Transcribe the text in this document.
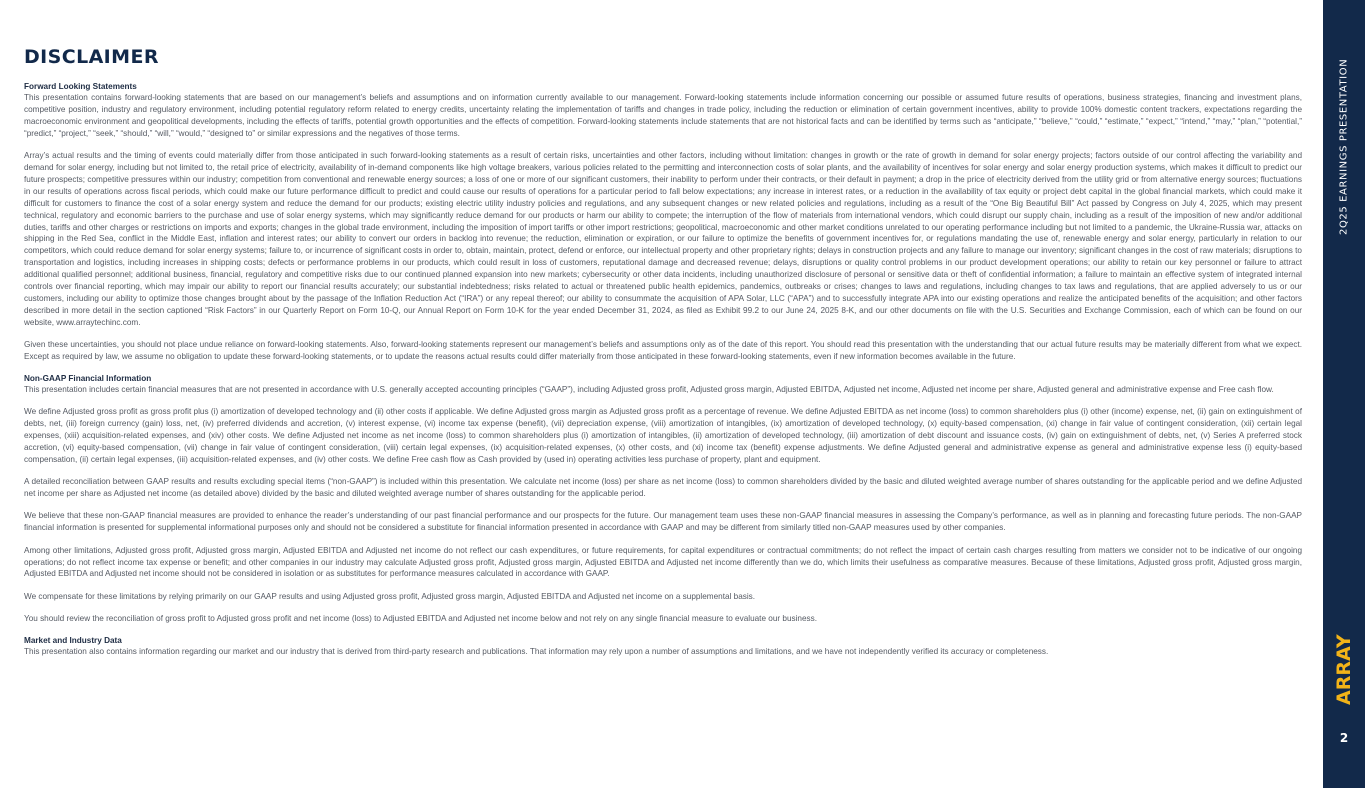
DISCLAIMER

Forward Looking Statements

This presentation contains forward-looking statements that are based on our management’s beliefs and assumptions and on information currently available to our management. Forward-looking statements include information concerning our possible or assumed future results of operations, business strategies, financing and investment plans, competitive position, industry and regulatory environment, including potential regulatory reform related to energy credits, uncertainty relating the implementation of tariffs and changes in trade policy, including the reduction or elimination of certain government incentives, ability to provide 100% domestic content trackers, expectations regarding the macroeconomic environment and geopolitical developments, including the effects of tariffs, potential growth opportunities and the effects of competition. Forward-looking statements include statements that are not historical facts and can be identified by terms such as “anticipate,” “believe,” “could,” “estimate,” “expect,” “intend,” “may,” “plan,” “potential,” “predict,” “project,” “seek,” “should,” “will,” “would,” “designed to” or similar expressions and the negatives of those terms.

Array’s actual results and the timing of events could materially differ from those anticipated in such forward-looking statements as a result of certain risks, uncertainties and other factors, including without limitation: changes in growth or the rate of growth in demand for solar energy projects; factors outside of our control affecting the variability and demand for solar energy, including but not limited to, the retail price of electricity, availability of in-demand components like high voltage breakers, various policies related to the permitting and interconnection costs of solar plants, and the availability of incentives for solar energy and solar energy production systems, which makes it difficult to predict our future prospects; competitive pressures within our industry; competition from conventional and renewable energy sources; a loss of one or more of our significant customers, their inability to perform under their contracts, or their default in payment; a drop in the price of electricity derived from the utility grid or from alternative energy sources; fluctuations in our results of operations across fiscal periods, which could make our future performance difficult to predict and could cause our results of operations for a particular period to fall below expectations; any increase in interest rates, or a reduction in the availability of tax equity or project debt capital in the global financial markets, which could make it difficult for customers to finance the cost of a solar energy system and reduce the demand for our products; existing electric utility industry policies and regulations, and any subsequent changes or new related policies and regulations, including as a result of the “One Big Beautiful Bill” Act passed by Congress on July 4, 2025, which may present technical, regulatory and economic barriers to the purchase and use of solar energy systems, which may significantly reduce demand for our products or harm our ability to compete; the interruption of the flow of materials from international vendors, which could disrupt our supply chain, including as a result of the imposition of new and/or additional duties, tariffs and other charges or restrictions on imports and exports; changes in the global trade environment, including the imposition of import tariffs or other import restrictions; geopolitical, macroeconomic and other market conditions unrelated to our operating performance including but not limited to a pandemic, the Ukraine-Russia war, attacks on shipping in the Red Sea, conflict in the Middle East, inflation and interest rates; our ability to convert our orders in backlog into revenue; the reduction, elimination or expiration, or our failure to optimize the benefits of government incentives for, or regulations mandating the use of, renewable energy and solar energy, particularly in relation to our competitors, which could reduce demand for solar energy systems; failure to, or incurrence of significant costs in order to, obtain, maintain, protect, defend or enforce, our intellectual property and other proprietary rights; delays in construction projects and any failure to manage our inventory; significant changes in the cost of raw materials; disruptions to transportation and logistics, including increases in shipping costs; defects or performance problems in our products, which could result in loss of customers, reputational damage and decreased revenue; delays, disruptions or quality control problems in our product development operations; our ability to retain our key personnel or failure to attract additional qualified personnel; additional business, financial, regulatory and competitive risks due to our continued planned expansion into new markets; cybersecurity or other data incidents, including unauthorized disclosure of personal or sensitive data or theft of confidential information; a failure to maintain an effective system of integrated internal controls over financial reporting, which may impair our ability to report our financial results accurately; our substantial indebtedness; risks related to actual or threatened public health epidemics, pandemics, outbreaks or crises; changes to laws and regulations, including changes to tax laws and regulations, that are applied adversely to us or our customers, including our ability to optimize those changes brought about by the passage of the Inflation Reduction Act (“IRA”) or any repeal thereof; our ability to consummate the acquisition of APA Solar, LLC (“APA”) and to successfully integrate APA into our existing operations and realize the anticipated benefits of the acquisition; and other factors described in more detail in the section captioned “Risk Factors” in our Quarterly Report on Form 10-Q, our Annual Report on Form 10-K for the year ended December 31, 2024, as filed as Exhibit 99.2 to our June 24, 2025 8-K, and our other documents on file with the U.S. Securities and Exchange Commission, each of which can be found on our website, www.arraytechinc.com.

Given these uncertainties, you should not place undue reliance on forward-looking statements. Also, forward-looking statements represent our management’s beliefs and assumptions only as of the date of this report. You should read this presentation with the understanding that our actual future results may be materially different from what we expect. Except as required by law, we assume no obligation to update these forward-looking statements, or to update the reasons actual results could differ materially from those anticipated in these forward-looking statements, even if new information becomes available in the future.

Non-GAAP Financial Information

This presentation includes certain financial measures that are not presented in accordance with U.S. generally accepted accounting principles (“GAAP”), including Adjusted gross profit, Adjusted gross margin, Adjusted EBITDA, Adjusted net income, Adjusted net income per share, Adjusted general and administrative expense and Free cash flow.

We define Adjusted gross profit as gross profit plus (i) amortization of developed technology and (ii) other costs if applicable. We define Adjusted gross margin as Adjusted gross profit as a percentage of revenue. We define Adjusted EBITDA as net income (loss) to common shareholders plus (i) other (income) expense, net, (ii) gain on extinguishment of debts, net, (iii) foreign currency (gain) loss, net, (iv) preferred dividends and accretion, (v) interest expense, (vi) income tax expense (benefit), (vii) depreciation expense, (viii) amortization of intangibles, (ix) amortization of developed technology, (x) equity-based compensation, (xi) change in fair value of contingent consideration, (xii) certain legal expenses, (xiii) acquisition-related expenses, and (xiv) other costs. We define Adjusted net income as net income (loss) to common shareholders plus (i) amortization of intangibles, (ii) amortization of developed technology, (iii) amortization of debt discount and issuance costs, (iv) gain on extinguishment of debts, net, (v) Series A preferred stock accretion, (vi) equity-based compensation, (vii) change in fair value of contingent consideration, (viii) certain legal expenses, (ix) acquisition-related expenses, (x) other costs, and (xi) income tax (benefit) expense adjustments. We define Adjusted general and administrative expense as general and administrative expense less (i) equity-based compensation, (ii) certain legal expenses, (iii) acquisition-related expenses, and (iv) other costs. We define Free cash flow as Cash provided by (used in) operating activities less purchase of property, plant and equipment.

A detailed reconciliation between GAAP results and results excluding special items (“non-GAAP”) is included within this presentation. We calculate net income (loss) per share as net income (loss) to common shareholders divided by the basic and diluted weighted average number of shares outstanding for the applicable period and we define Adjusted net income per share as Adjusted net income (as detailed above) divided by the basic and diluted weighted average number of shares outstanding for the applicable period.

We believe that these non-GAAP financial measures are provided to enhance the reader’s understanding of our past financial performance and our prospects for the future. Our management team uses these non-GAAP financial measures in assessing the Company’s performance, as well as in planning and forecasting future periods. The non-GAAP financial information is presented for supplemental informational purposes only and should not be considered a substitute for financial information presented in accordance with GAAP and may be different from similarly titled non-GAAP measures used by other companies.

Among other limitations, Adjusted gross profit, Adjusted gross margin, Adjusted EBITDA and Adjusted net income do not reflect our cash expenditures, or future requirements, for capital expenditures or contractual commitments; do not reflect the impact of certain cash charges resulting from matters we consider not to be indicative of our ongoing operations; do not reflect income tax expense or benefit; and other companies in our industry may calculate Adjusted gross profit, Adjusted gross margin, Adjusted EBITDA and Adjusted net income differently than we do, which limits their usefulness as comparative measures. Because of these limitations, Adjusted gross profit, Adjusted gross margin, Adjusted EBITDA and Adjusted net income should not be considered in isolation or as substitutes for performance measures calculated in accordance with GAAP.

We compensate for these limitations by relying primarily on our GAAP results and using Adjusted gross profit, Adjusted gross margin, Adjusted EBITDA and Adjusted net income on a supplemental basis.

You should review the reconciliation of gross profit to Adjusted gross profit and net income (loss) to Adjusted EBITDA and Adjusted net income below and not rely on any single financial measure to evaluate our business.

Market and Industry Data

This presentation also contains information regarding our market and our industry that is derived from third-party research and publications. That information may rely upon a number of assumptions and limitations, and we have not independently verified its accuracy or completeness.

2Q25 EARNINGS PRESENTATION
ARRAY
2
